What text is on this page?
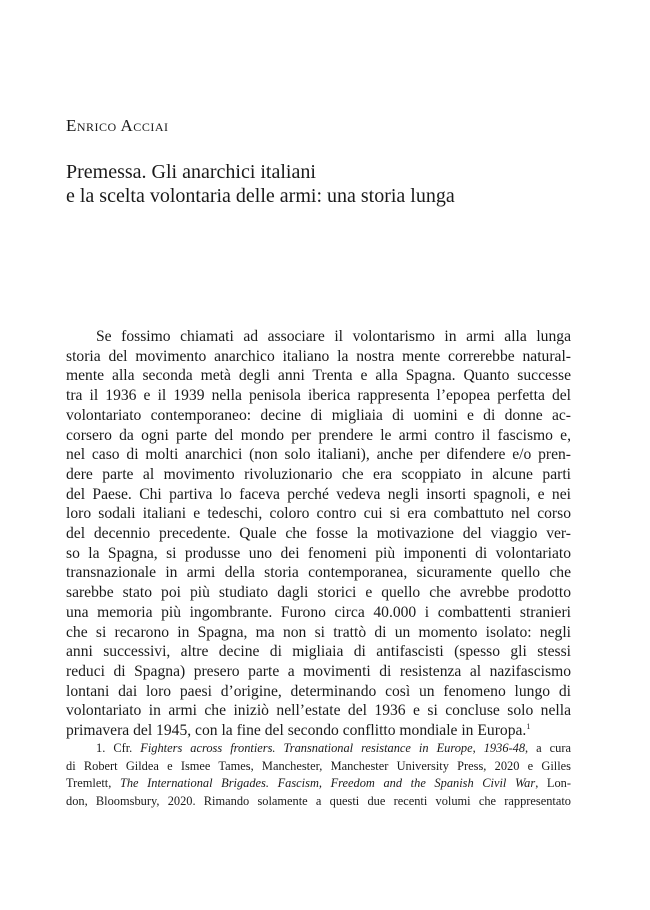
Enrico Acciai
Premessa. Gli anarchici italiani
e la scelta volontaria delle armi: una storia lunga
Se fossimo chiamati ad associare il volontarismo in armi alla lunga
storia del movimento anarchico italiano la nostra mente correrebbe natural-
mente alla seconda metà degli anni Trenta e alla Spagna. Quanto successe
tra il 1936 e il 1939 nella penisola iberica rappresenta l’epopea perfetta del
volontariato contemporaneo: decine di migliaia di uomini e di donne ac-
corsero da ogni parte del mondo per prendere le armi contro il fascismo e,
nel caso di molti anarchici (non solo italiani), anche per difendere e/o pren-
dere parte al movimento rivoluzionario che era scoppiato in alcune parti
del Paese. Chi partiva lo faceva perché vedeva negli insorti spagnoli, e nei
loro sodali italiani e tedeschi, coloro contro cui si era combattuto nel corso
del decennio precedente. Quale che fosse la motivazione del viaggio ver-
so la Spagna, si produsse uno dei fenomeni più imponenti di volontariato
transnazionale in armi della storia contemporanea, sicuramente quello che
sarebbe stato poi più studiato dagli storici e quello che avrebbe prodotto
una memoria più ingombrante. Furono circa 40.000 i combattenti stranieri
che si recarono in Spagna, ma non si trattò di un momento isolato: negli
anni successivi, altre decine di migliaia di antifascisti (spesso gli stessi
reduci di Spagna) presero parte a movimenti di resistenza al nazifascismo
lontani dai loro paesi d’origine, determinando così un fenomeno lungo di
volontariato in armi che iniziò nell’estate del 1936 e si concluse solo nella
primavera del 1945, con la fine del secondo conflitto mondiale in Europa.$^1$
1. Cfr. Fighters across frontiers. Transnational resistance in Europe, 1936-48, a cura
di Robert Gildea e Ismee Tames, Manchester, Manchester University Press, 2020 e Gilles
Tremlett, The International Brigades. Fascism, Freedom and the Spanish Civil War, Lon-
don, Bloomsbury, 2020. Rimando solamente a questi due recenti volumi che rappresentato
